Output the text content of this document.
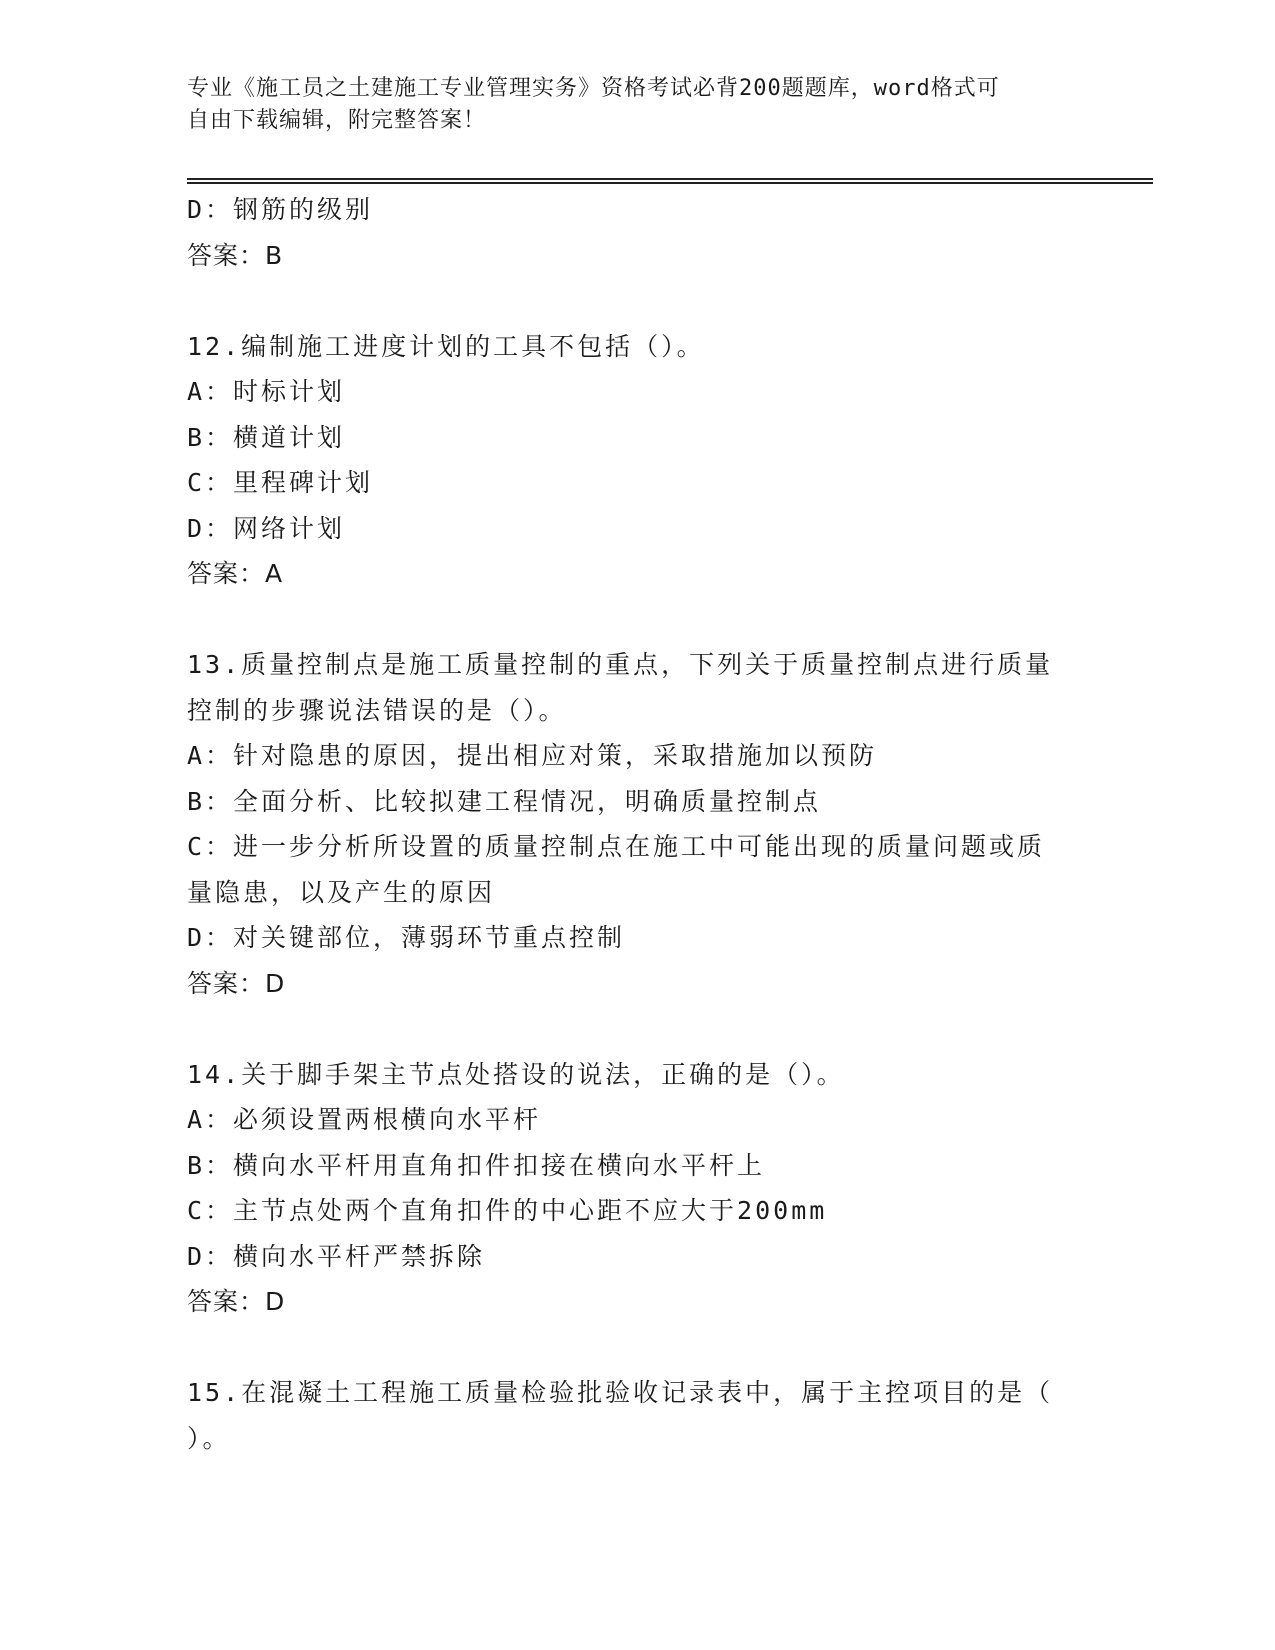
专业《施工员之土建施工专业管理实务》资格考试必背200题题库，word格式可
自由下载编辑，附完整答案！
D：钢筋的级别
答案：B
12.编制施工进度计划的工具不包括（）。
A：时标计划
B：横道计划
C：里程碑计划
D：网络计划
答案：A
13.质量控制点是施工质量控制的重点，下列关于质量控制点进行质量
控制的步骤说法错误的是（）。
A：针对隐患的原因，提出相应对策，采取措施加以预防
B：全面分析、比较拟建工程情况，明确质量控制点
C：进一步分析所设置的质量控制点在施工中可能出现的质量问题或质
量隐患，以及产生的原因
D：对关键部位，薄弱环节重点控制
答案：D
14.关于脚手架主节点处搭设的说法，正确的是（）。
A：必须设置两根横向水平杆
B：横向水平杆用直角扣件扣接在横向水平杆上
C：主节点处两个直角扣件的中心距不应大于200mm
D：横向水平杆严禁拆除
答案：D
15.在混凝土工程施工质量检验批验收记录表中，属于主控项目的是（
）。
